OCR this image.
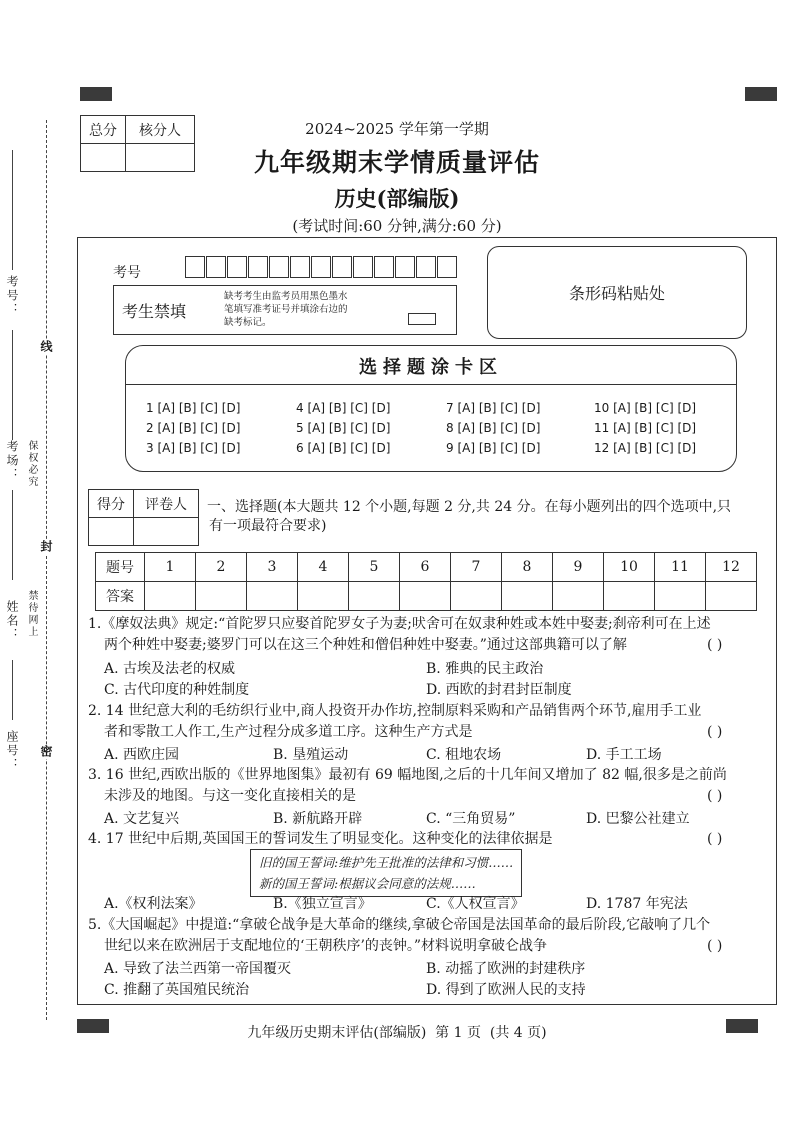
考号：
考场：
姓名：
座号：
线
封
密
保权必究
禁待网上
总分	核分人
		2024~2025 学年第一学期
九年级期末学情质量评估
历史(部编版)
(考试时间:60 分钟,满分:60 分)
考号
考生禁填
缺考考生由监考员用黑色墨水
笔填写准考证号并填涂右边的
缺考标记。
条形码粘贴处
选择题涂卡区
1 [A] [B] [C] [D]	4 [A] [B] [C] [D]	7 [A] [B] [C] [D]	10 [A] [B] [C] [D]
2 [A] [B] [C] [D]	5 [A] [B] [C] [D]	8 [A] [B] [C] [D]	11 [A] [B] [C] [D]
3 [A] [B] [C] [D]	6 [A] [B] [C] [D]	9 [A] [B] [C] [D]	12 [A] [B] [C] [D]
得分	评卷人
	一、选择题(本大题共 12 个小题,每题 2 分,共 24 分。在每小题列出的四个选项中,只
有一项最符合要求)
题号	1	2	3	4	5	6	7	8	9	10	11	12
答案												
1.《摩奴法典》规定:“首陀罗只应娶首陀罗女子为妻;吠舍可在奴隶种姓或本姓中娶妻;刹帝利可在上述
两个种姓中娶妻;婆罗门可以在这三个种姓和僧侣种姓中娶妻。”通过这部典籍可以了解	( )
A. 古埃及法老的权威	B. 雅典的民主政治
C. 古代印度的种姓制度	D. 西欧的封君封臣制度
2. 14 世纪意大利的毛纺织行业中,商人投资开办作坊,控制原料采购和产品销售两个环节,雇用手工业
者和零散工人作工,生产过程分成多道工序。这种生产方式是	( )
A. 西欧庄园	B. 垦殖运动	C. 租地农场	D. 手工工场
3. 16 世纪,西欧出版的《世界地图集》最初有 69 幅地图,之后的十几年间又增加了 82 幅,很多是之前尚
未涉及的地图。与这一变化直接相关的是	( )
A. 文艺复兴	B. 新航路开辟	C. “三角贸易”	D. 巴黎公社建立
4. 17 世纪中后期,英国国王的誓词发生了明显变化。这种变化的法律依据是	( )
旧的国王誓词:维护先王批准的法律和习惯……
新的国王誓词:根据议会同意的法规……
A.《权利法案》	B.《独立宣言》	C.《人权宣言》	D. 1787 年宪法
5.《大国崛起》中提道:“拿破仑战争是大革命的继续,拿破仑帝国是法国革命的最后阶段,它敲响了几个
世纪以来在欧洲居于支配地位的‘王朝秩序’的丧钟。”材料说明拿破仑战争	( )
A. 导致了法兰西第一帝国覆灭	B. 动摇了欧洲的封建秩序
C. 推翻了英国殖民统治	D. 得到了欧洲人民的支持
九年级历史期末评估(部编版)  第 1 页  (共 4 页)
